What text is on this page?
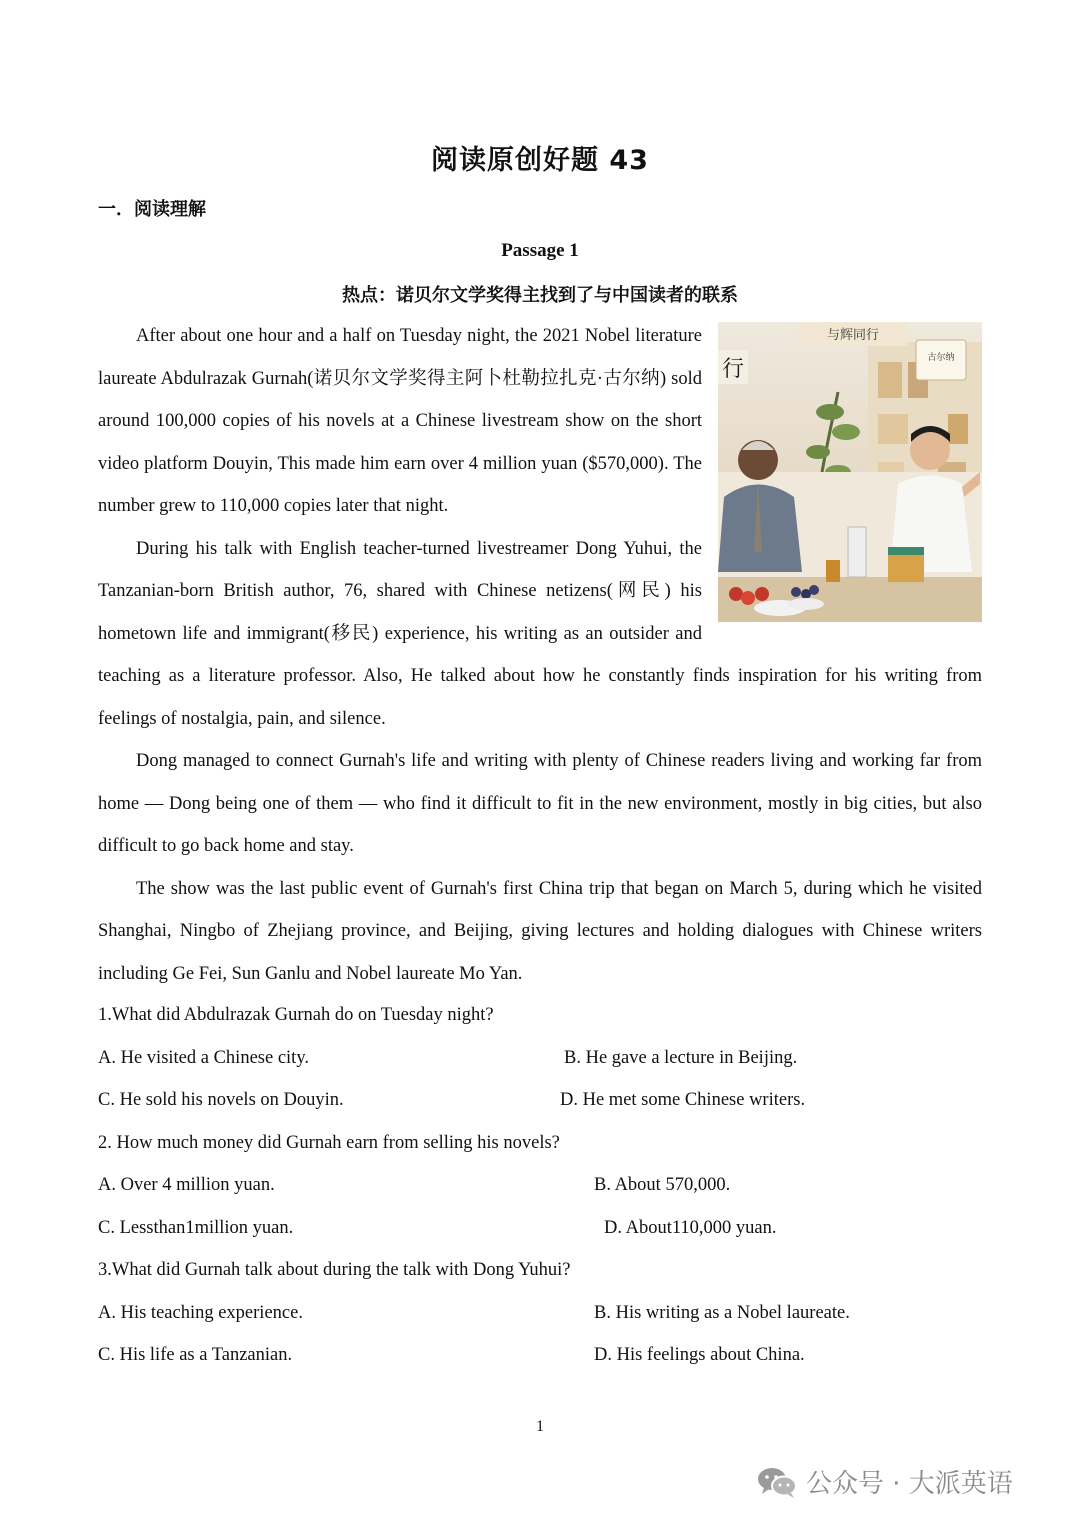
阅读原创好题 43
一．阅读理解
Passage 1
热点：诺贝尔文学奖得主找到了与中国读者的联系
与辉同行
古尔纳
行

After about one hour and a half on Tuesday night, the 2021 Nobel literature laureate Abdulrazak Gurnah(诺贝尔文学奖得主阿卜杜勒拉扎克·古尔纳) sold around 100,000 copies of his novels at a Chinese livestream show on the short video platform Douyin, This made him earn over 4 million yuan ($570,000). The number grew to 110,000 copies later that night.

During his talk with English teacher-turned livestreamer Dong Yuhui, the Tanzanian-born British author, 76, shared with Chinese netizens(网民) his hometown life and immigrant(移民) experience, his writing as an outsider and teaching as a literature professor. Also, He talked about how he constantly finds inspiration for his writing from feelings of nostalgia, pain, and silence.

Dong managed to connect Gurnah's life and writing with plenty of Chinese readers living and working far from home — Dong being one of them — who find it difficult to fit in the new environment, mostly in big cities, but also difficult to go back home and stay.

The show was the last public event of Gurnah's first China trip that began on March 5, during which he visited Shanghai, Ningbo of Zhejiang province, and Beijing, giving lectures and holding dialogues with Chinese writers including Ge Fei, Sun Ganlu and Nobel laureate Mo Yan.

1.What did Abdulrazak Gurnah do on Tuesday night?
A. He visited a Chinese city.	B. He gave a lecture in Beijing.
C. He sold his novels on Douyin.	D. He met some Chinese writers.
2. How much money did Gurnah earn from selling his novels?
A. Over 4 million yuan.	B. About 570,000.
C. Lessthan1million yuan.	D. About110,000 yuan.
3.What did Gurnah talk about during the talk with Dong Yuhui?
A. His teaching experience.	B. His writing as a Nobel laureate.
C. His life as a Tanzanian.	D. His feelings about China.
1
公众号 · 大派英语
